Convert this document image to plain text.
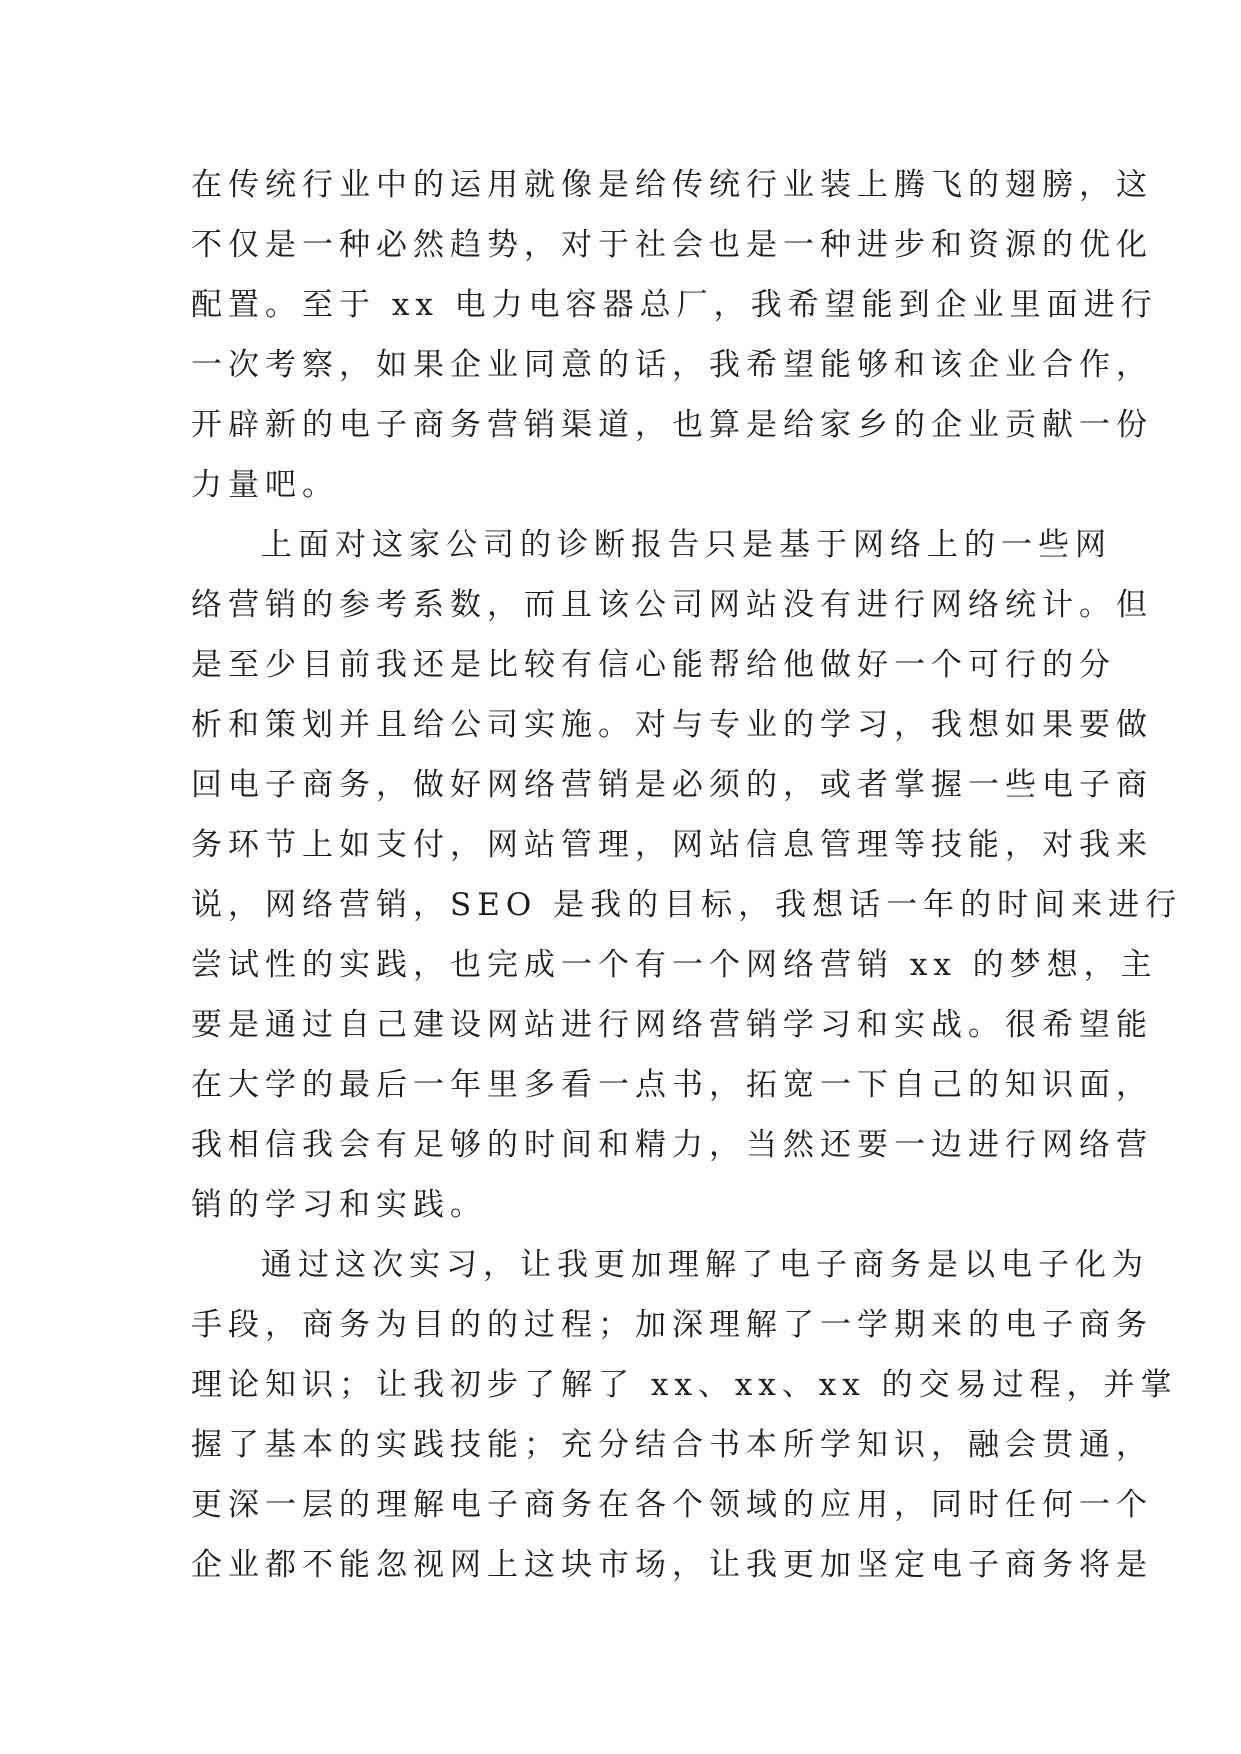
在传统行业中的运用就像是给传统行业装上腾飞的翅膀，这
不仅是一种必然趋势，对于社会也是一种进步和资源的优化
配置。至于 xx 电力电容器总厂，我希望能到企业里面进行
一次考察，如果企业同意的话，我希望能够和该企业合作，
开辟新的电子商务营销渠道，也算是给家乡的企业贡献一份
力量吧。
上面对这家公司的诊断报告只是基于网络上的一些网
络营销的参考系数，而且该公司网站没有进行网络统计。但
是至少目前我还是比较有信心能帮给他做好一个可行的分
析和策划并且给公司实施。对与专业的学习，我想如果要做
回电子商务，做好网络营销是必须的，或者掌握一些电子商
务环节上如支付，网站管理，网站信息管理等技能，对我来
说，网络营销，SEO 是我的目标，我想话一年的时间来进行
尝试性的实践，也完成一个有一个网络营销 xx 的梦想，主
要是通过自己建设网站进行网络营销学习和实战。很希望能
在大学的最后一年里多看一点书，拓宽一下自己的知识面，
我相信我会有足够的时间和精力，当然还要一边进行网络营
销的学习和实践。
通过这次实习，让我更加理解了电子商务是以电子化为
手段，商务为目的的过程；加深理解了一学期来的电子商务
理论知识；让我初步了解了 xx、xx、xx 的交易过程，并掌
握了基本的实践技能；充分结合书本所学知识，融会贯通，
更深一层的理解电子商务在各个领域的应用，同时任何一个
企业都不能忽视网上这块市场，让我更加坚定电子商务将是
